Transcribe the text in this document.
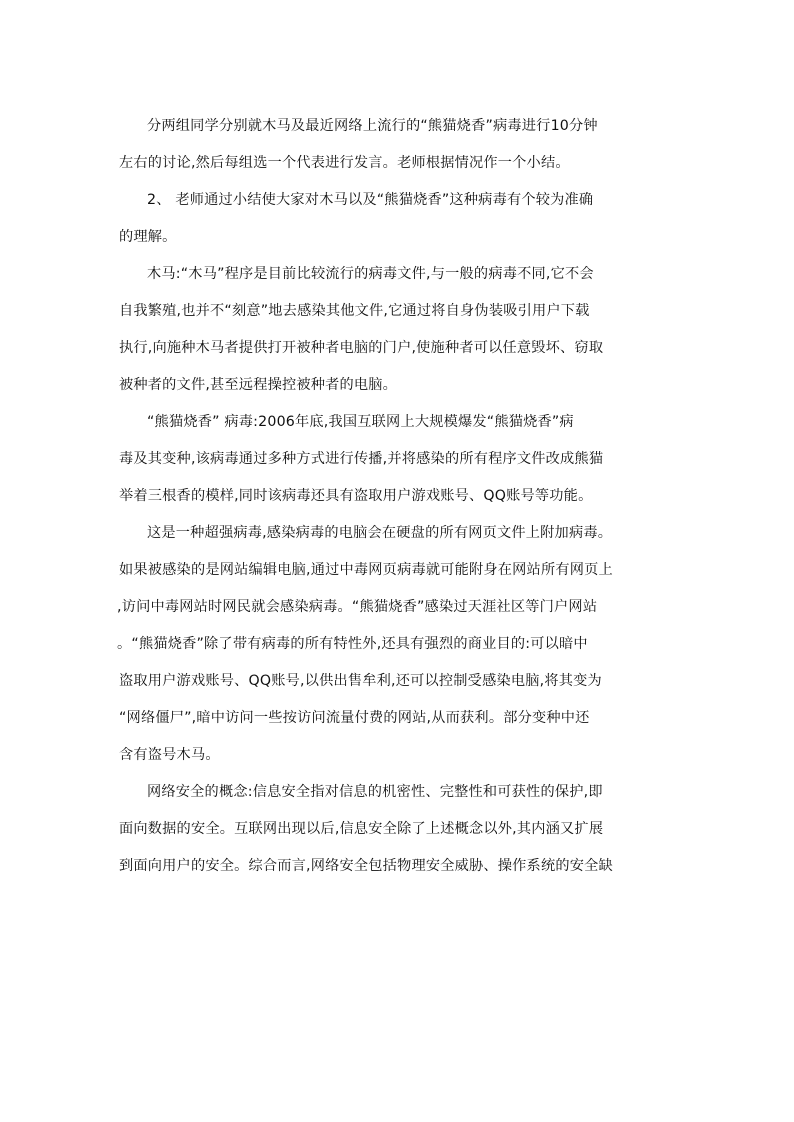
分两组同学分别就木马及最近网络上流行的“熊猫烧香”病毒进行10分钟
左右的讨论,然后每组选一个代表进行发言。老师根据情况作一个小结。
2、 老师通过小结使大家对木马以及“熊猫烧香”这种病毒有个较为准确
的理解。
木马:“木马”程序是目前比较流行的病毒文件,与一般的病毒不同,它不会
自我繁殖,也并不“刻意”地去感染其他文件,它通过将自身伪装吸引用户下载
执行,向施种木马者提供打开被种者电脑的门户,使施种者可以任意毁坏、窃取
被种者的文件,甚至远程操控被种者的电脑。
“熊猫烧香” 病毒:2006年底,我国互联网上大规模爆发“熊猫烧香”病
毒及其变种,该病毒通过多种方式进行传播,并将感染的所有程序文件改成熊猫
举着三根香的模样,同时该病毒还具有盗取用户游戏账号、QQ账号等功能。
这是一种超强病毒,感染病毒的电脑会在硬盘的所有网页文件上附加病毒。
如果被感染的是网站编辑电脑,通过中毒网页病毒就可能附身在网站所有网页上
,访问中毒网站时网民就会感染病毒。“熊猫烧香”感染过天涯社区等门户网站
。“熊猫烧香”除了带有病毒的所有特性外,还具有强烈的商业目的:可以暗中
盗取用户游戏账号、QQ账号,以供出售牟利,还可以控制受感染电脑,将其变为
“网络僵尸”,暗中访问一些按访问流量付费的网站,从而获利。部分变种中还
含有盗号木马。
网络安全的概念:信息安全指对信息的机密性、完整性和可获性的保护,即
面向数据的安全。互联网出现以后,信息安全除了上述概念以外,其内涵又扩展
到面向用户的安全。综合而言,网络安全包括物理安全威胁、操作系统的安全缺
